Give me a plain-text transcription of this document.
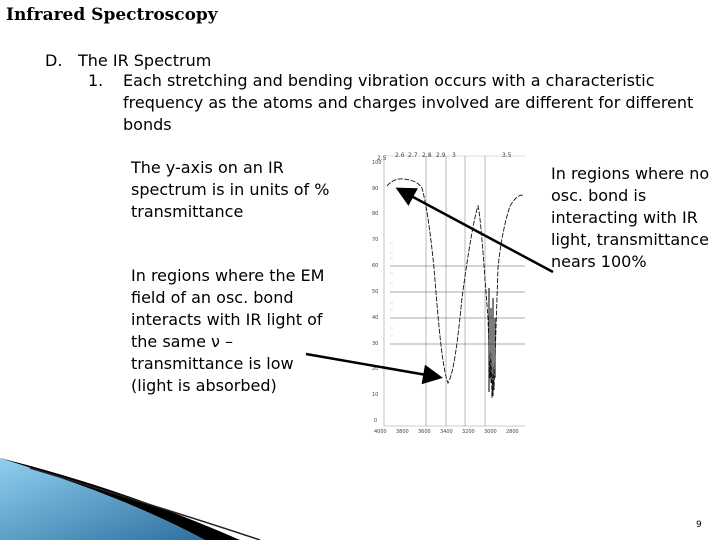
Infrared Spectroscopy
D. The IR Spectrum
1.	Each stretching and bending vibration occurs with a characteristic frequency as the atoms and charges involved are different for different bonds
The y-axis on an IR spectrum is in units of % transmittance
In regions where the EM field of an osc. bond interacts with IR light of the same ν – transmittance is low (light is absorbed)
In regions where no osc. bond is interacting with IR light, transmittance nears 100%
2.5 2.6 2.7 2.8 2.9 3	3.5
100
90
80
70
60
50
40
30
20
10
0
4000 3800 3600 3400 3200 3000 2800
9
